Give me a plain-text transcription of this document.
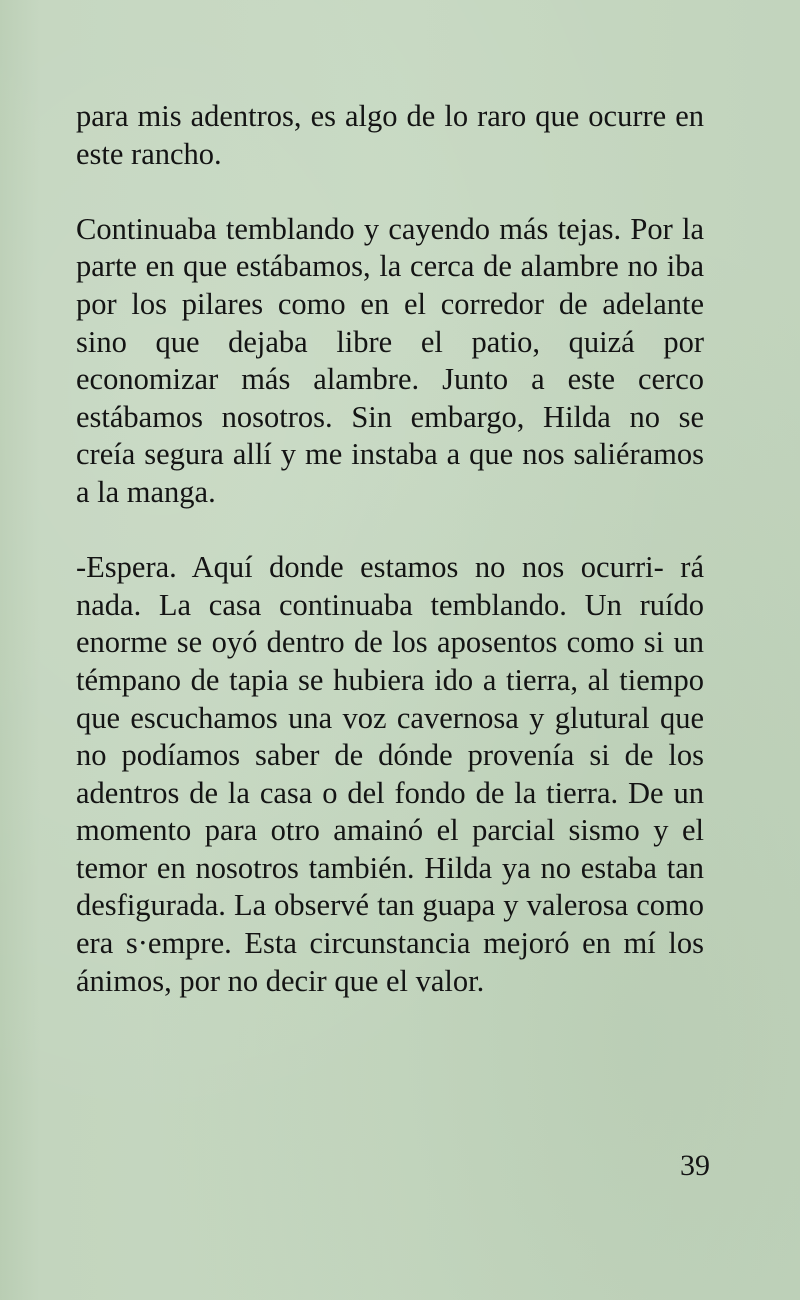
para mis adentros, es algo de lo raro que ocurre en este rancho.

Continuaba temblando y cayendo más tejas. Por la parte en que estábamos, la cerca de alambre no iba por los pilares como en el corredor de adelante sino que dejaba libre el patio, quizá por economizar más alambre. Junto a este cerco estábamos nosotros. Sin embargo, Hilda no se creía segura allí y me instaba a que nos saliéramos a la manga.

-Espera. Aquí donde estamos no nos ocurri- rá nada. La casa continuaba temblando. Un ruído enorme se oyó dentro de los aposentos como si un témpano de tapia se hubiera ido a tierra, al tiempo que escuchamos una voz cavernosa y glutural que no podíamos saber de dónde provenía si de los adentros de la casa o del fondo de la tierra. De un momento para otro amainó el parcial sismo y el temor en nosotros también. Hilda ya no estaba tan desfigurada. La observé tan guapa y valerosa como era s·empre. Esta circunstancia mejoró en mí los ánimos, por no decir que el valor.

39
